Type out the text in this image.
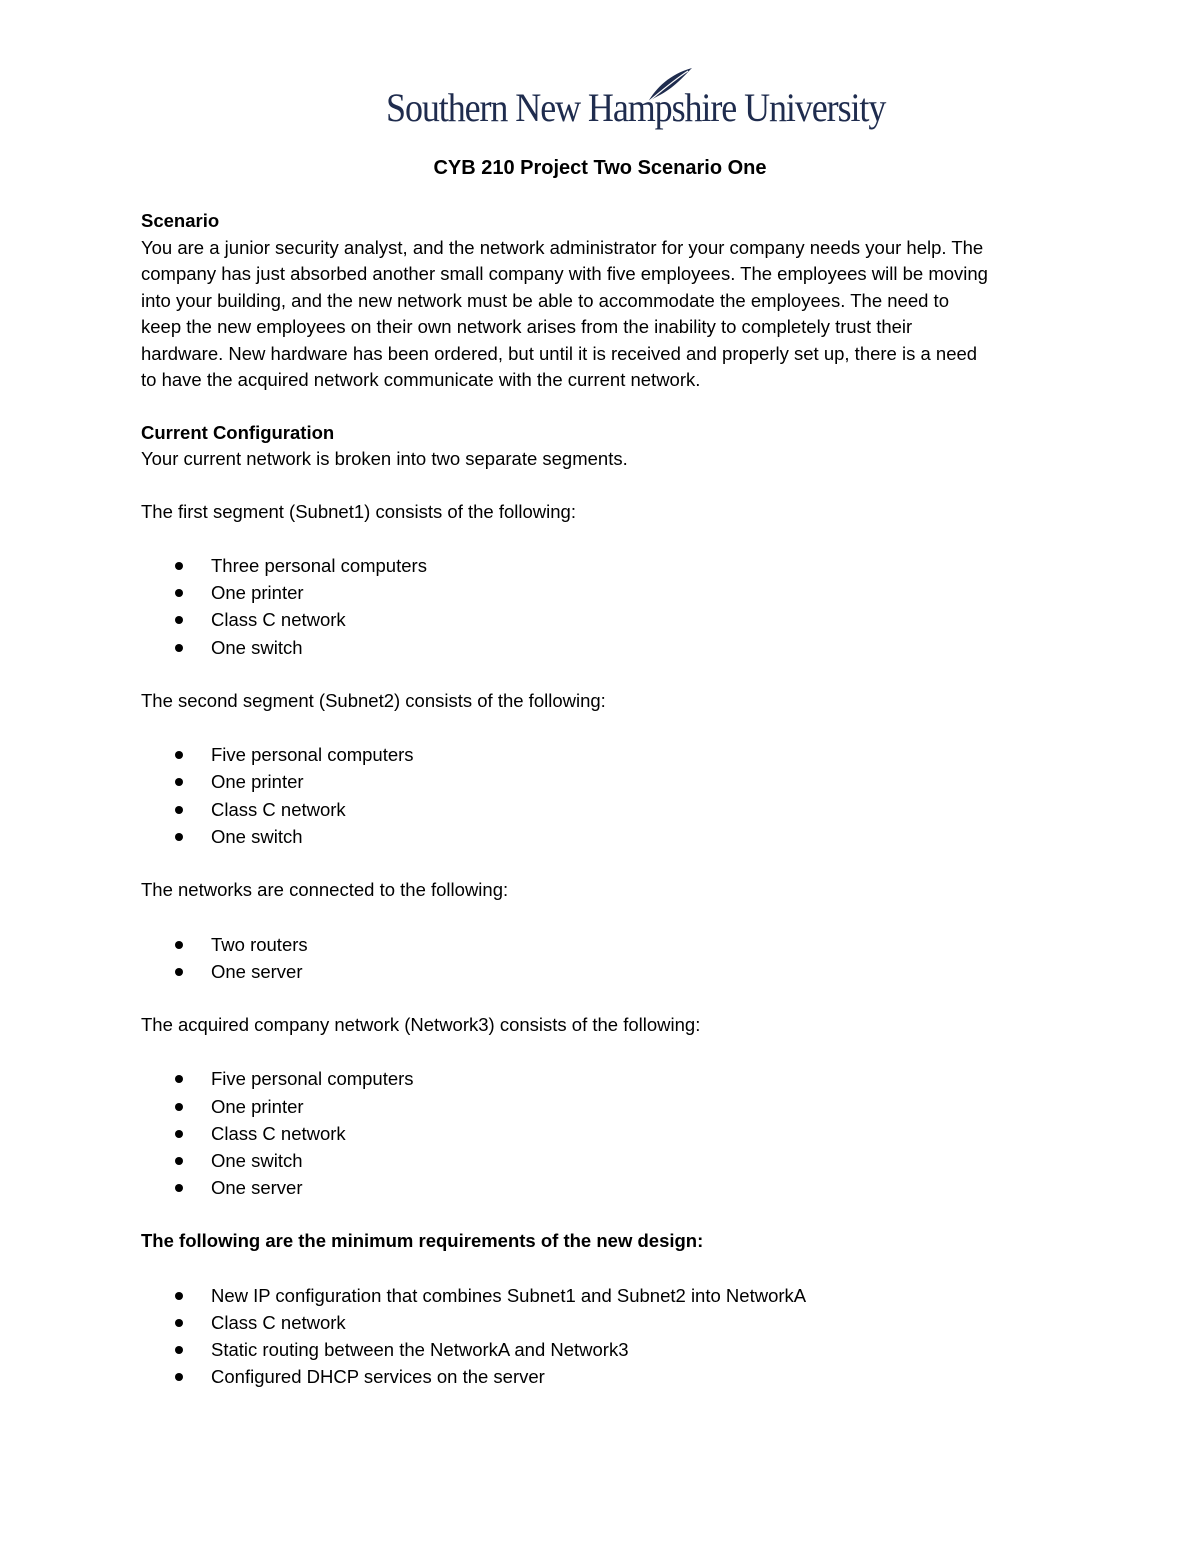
Southern New Hampshire University
CYB 210 Project Two Scenario One

Scenario

You are a junior security analyst, and the network administrator for your company needs your help. The

company has just absorbed another small company with five employees. The employees will be moving

into your building, and the new network must be able to accommodate the employees. The need to

keep the new employees on their own network arises from the inability to completely trust their

hardware. New hardware has been ordered, but until it is received and properly set up, there is a need

to have the acquired network communicate with the current network.

Current Configuration

Your current network is broken into two separate segments.

The first segment (Subnet1) consists of the following:

Three personal computers
One printer
Class C network
One switch

The second segment (Subnet2) consists of the following:

Five personal computers
One printer
Class C network
One switch

The networks are connected to the following:

Two routers
One server

The acquired company network (Network3) consists of the following:

Five personal computers
One printer
Class C network
One switch
One server

The following are the minimum requirements of the new design:

New IP configuration that combines Subnet1 and Subnet2 into NetworkA
Class C network
Static routing between the NetworkA and Network3
Configured DHCP services on the server
